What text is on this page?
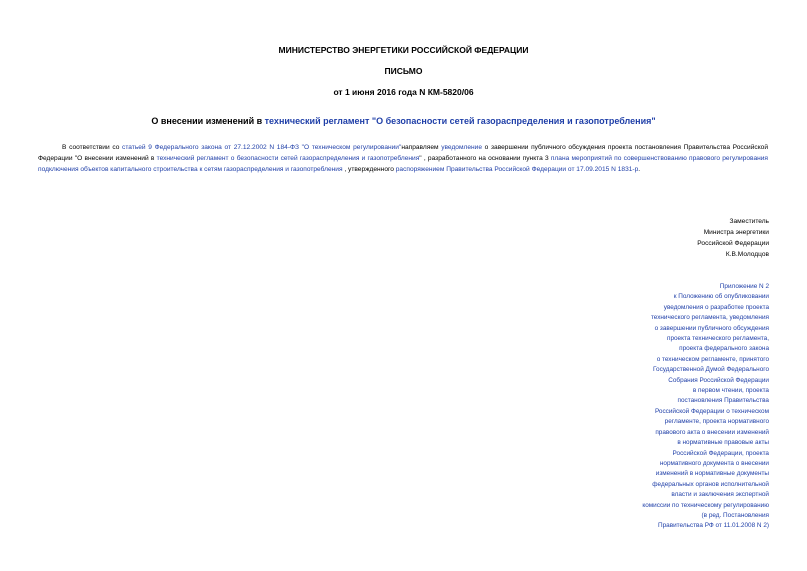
МИНИСТЕРСТВО ЭНЕРГЕТИКИ РОССИЙСКОЙ ФЕДЕРАЦИИ
ПИСЬМО
от 1 июня 2016 года N КМ-5820/06
О внесении изменений в технический регламент "О безопасности сетей газораспределения и газопотребления"

В соответствии со статьей 9 Федерального закона от 27.12.2002 N 184-ФЗ "О техническом регулировании"направляем уведомление о завершении публичного обсуждения проекта постановления Правительства Российской Федерации "О внесении изменений в технический регламент о безопасности сетей газораспределения и газопотребления" , разработанного на основании пункта 3 плана мероприятий по совершенствованию правового регулирования подключения объектов капитального строительства к сетям газораспределения и газопотребления , утвержденного распоряжением Правительства Российской Федерации от 17.09.2015 N 1831-р.

Заместитель
Министра энергетики
Российской Федерации
К.В.Молодцов
Приложение N 2
к Положению об опубликовании
уведомления о разработке проекта
технического регламента, уведомления
о завершении публичного обсуждения
проекта технического регламента,
проекта федерального закона
о техническом регламенте, принятого
Государственной Думой Федерального
Собрания Российской Федерации
в первом чтении, проекта
постановления Правительства
Российской Федерации о техническом
регламенте, проекта нормативного
правового акта о внесении изменений
в нормативные правовые акты
Российской Федерации, проекта
нормативного документа о внесении
изменений в нормативные документы
федеральных органов исполнительной
власти и заключения экспертной
комиссии по техническому регулированию
(в ред. Постановления
Правительства РФ от 11.01.2008 N 2)
